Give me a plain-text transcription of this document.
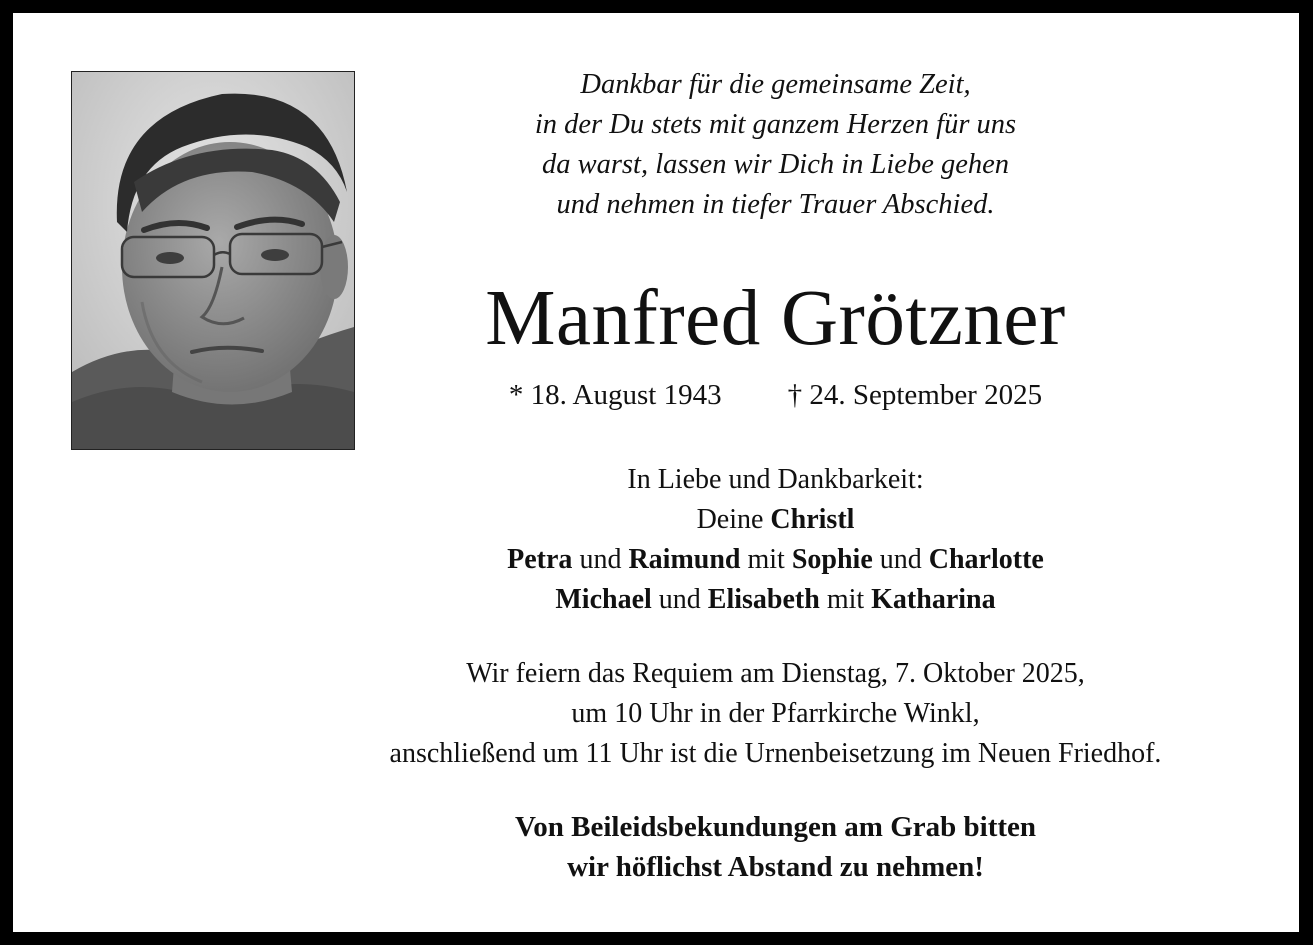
Dankbar für die gemeinsame Zeit,
in der Du stets mit ganzem Herzen für uns
da warst, lassen wir Dich in Liebe gehen
und nehmen in tiefer Trauer Abschied.
Manfred Grötzner
* 18. August 1943 † 24. September 2025
In Liebe und Dankbarkeit:
Deine Christl
Petra und Raimund mit Sophie und Charlotte
Michael und Elisabeth mit Katharina
Wir feiern das Requiem am Dienstag, 7. Oktober 2025,
um 10 Uhr in der Pfarrkirche Winkl,
anschließend um 11 Uhr ist die Urnenbeisetzung im Neuen Friedhof.
Von Beileidsbekundungen am Grab bitten
wir höflichst Abstand zu nehmen!
